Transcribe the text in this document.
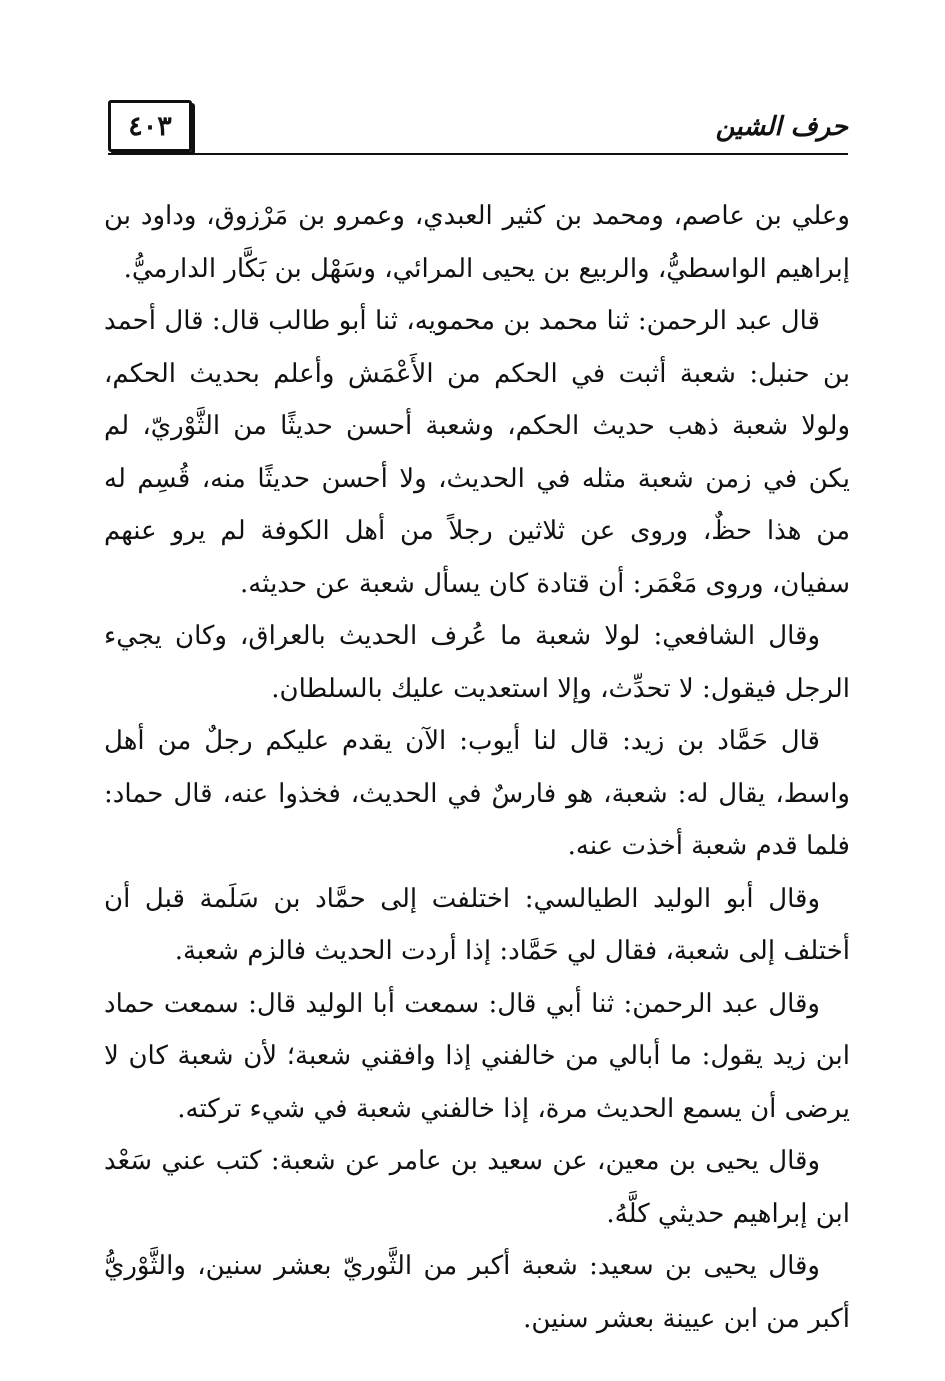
٤٠٣	حرف الشين

وعلي بن عاصم، ومحمد بن كثير العبدي، وعمرو بن مَرْزوق، وداود بن إبراهيم الواسطيُّ، والربيع بن يحيى المرائي، وسَهْل بن بَكَّار الدارميُّ.

قال عبد الرحمن: ثنا محمد بن محمويه، ثنا أبو طالب قال: قال أحمد بن حنبل: شعبة أثبت في الحكم من الأَعْمَش وأعلم بحديث الحكم، ولولا شعبة ذهب حديث الحكم، وشعبة أحسن حديثًا من الثَّوْريّ، لم يكن في زمن شعبة مثله في الحديث، ولا أحسن حديثًا منه، قُسِم له من هذا حظٌ، وروى عن ثلاثين رجلاً من أهل الكوفة لم يرو عنهم سفيان، وروى مَعْمَر: أن قتادة كان يسأل شعبة عن حديثه.

وقال الشافعي: لولا شعبة ما عُرف الحديث بالعراق، وكان يجيء الرجل فيقول: لا تحدِّث، وإلا استعديت عليك بالسلطان.

قال حَمَّاد بن زيد: قال لنا أيوب: الآن يقدم عليكم رجلٌ من أهل واسط، يقال له: شعبة، هو فارسٌ في الحديث، فخذوا عنه، قال حماد: فلما قدم شعبة أخذت عنه.

وقال أبو الوليد الطيالسي: اختلفت إلى حمَّاد بن سَلَمة قبل أن أختلف إلى شعبة، فقال لي حَمَّاد: إذا أردت الحديث فالزم شعبة.

وقال عبد الرحمن: ثنا أبي قال: سمعت أبا الوليد قال: سمعت حماد ابن زيد يقول: ما أبالي من خالفني إذا وافقني شعبة؛ لأن شعبة كان لا يرضى أن يسمع الحديث مرة، إذا خالفني شعبة في شيء تركته.

وقال يحيى بن معين، عن سعيد بن عامر عن شعبة: كتب عني سَعْد ابن إبراهيم حديثي كلَّهُ.

وقال يحيى بن سعيد: شعبة أكبر من الثَّوريّ بعشر سنين، والثَّوْريُّ أكبر من ابن عيينة بعشر سنين.
